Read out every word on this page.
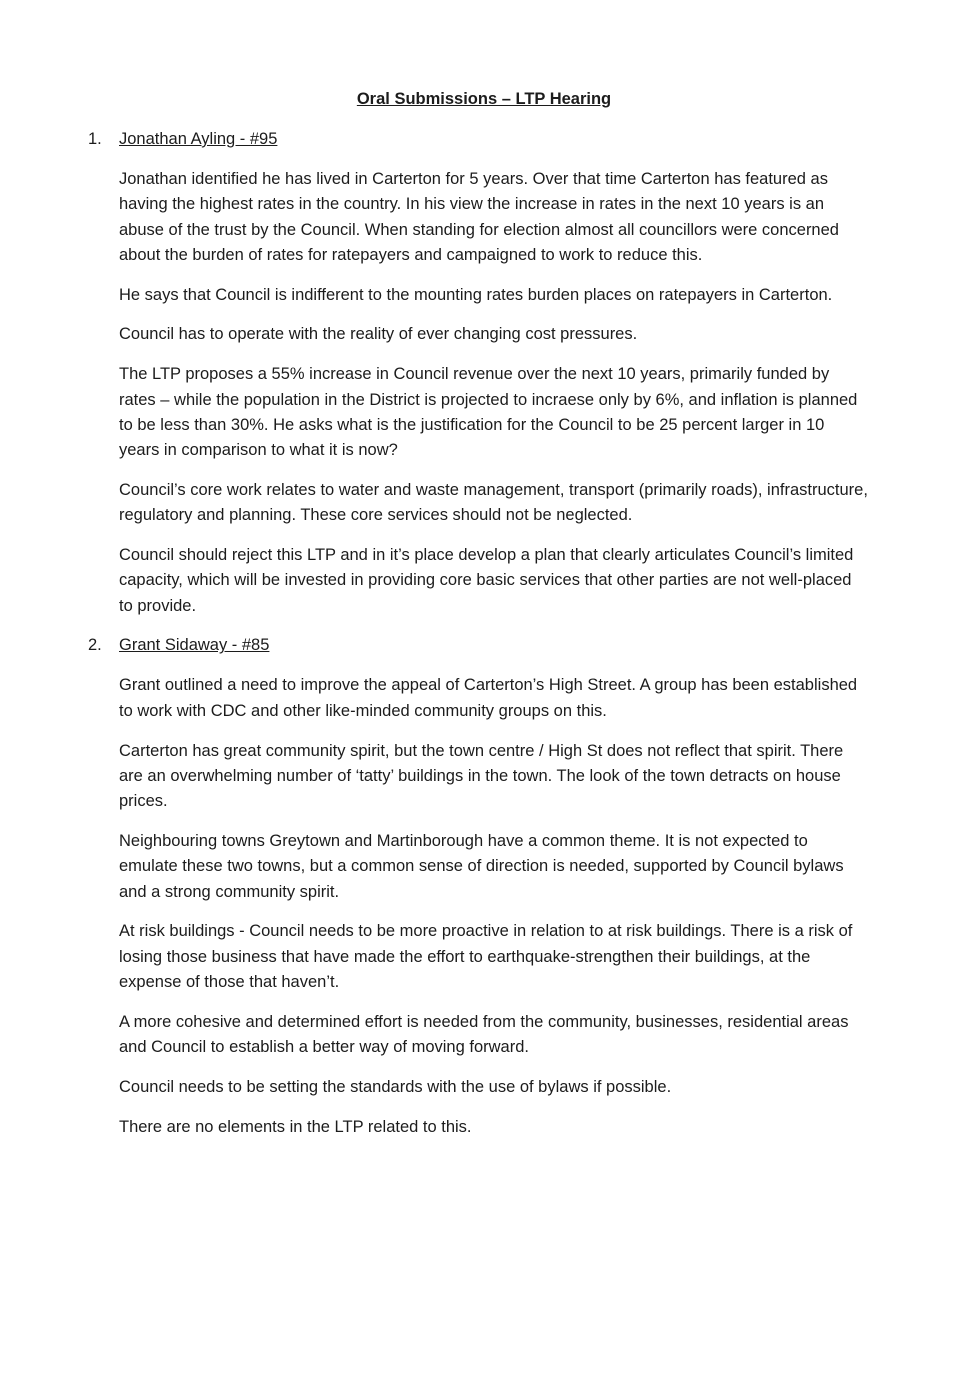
Oral Submissions – LTP Hearing
1.	Jonathan Ayling - #95

Jonathan identified he has lived in Carterton for 5 years. Over that time Carterton has featured as having the highest rates in the country. In his view the increase in rates in the next 10 years is an abuse of the trust by the Council. When standing for election almost all councillors were concerned about the burden of rates for ratepayers and campaigned to work to reduce this.

He says that Council is indifferent to the mounting rates burden places on ratepayers in Carterton.

Council has to operate with the reality of ever changing cost pressures.

The LTP proposes a 55% increase in Council revenue over the next 10 years, primarily funded by rates – while the population in the District is projected to incraese only by 6%, and inflation is planned to be less than 30%. He asks what is the justification for the Council to be 25 percent larger in 10 years in comparison to what it is now?

Council’s core work relates to water and waste management, transport (primarily roads), infrastructure, regulatory and planning. These core services should not be neglected.

Council should reject this LTP and in it’s place develop a plan that clearly articulates Council’s limited capacity, which will be invested in providing core basic services that other parties are not well-placed to provide.

2.	Grant Sidaway - #85

Grant outlined a need to improve the appeal of Carterton’s High Street. A group has been established to work with CDC and other like-minded community groups on this.

Carterton has great community spirit, but the town centre / High St does not reflect that spirit. There are an overwhelming number of ‘tatty’ buildings in the town. The look of the town detracts on house prices.

Neighbouring towns Greytown and Martinborough have a common theme. It is not expected to emulate these two towns, but a common sense of direction is needed, supported by Council bylaws and a strong community spirit.

At risk buildings - Council needs to be more proactive in relation to at risk buildings. There is a risk of losing those business that have made the effort to earthquake-strengthen their buildings, at the expense of those that haven’t.

A more cohesive and determined effort is needed from the community, businesses, residential areas and Council to establish a better way of moving forward.

Council needs to be setting the standards with the use of bylaws if possible.

There are no elements in the LTP related to this.
